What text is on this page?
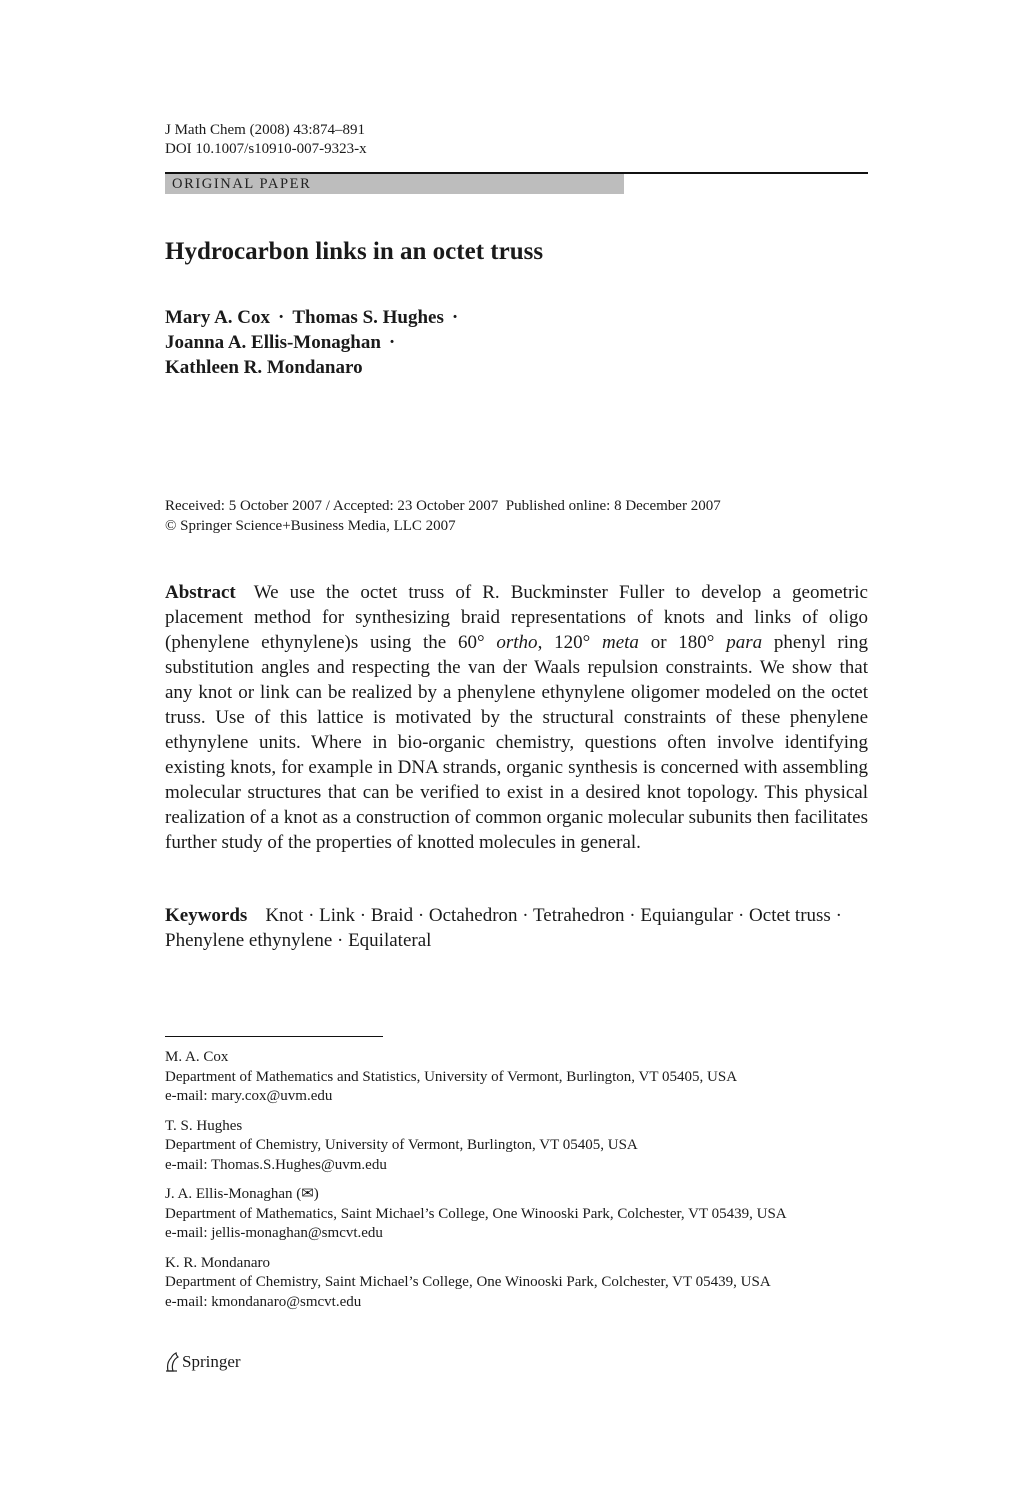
J Math Chem (2008) 43:874–891
DOI 10.1007/s10910-007-9323-x
ORIGINAL PAPER
Hydrocarbon links in an octet truss
Mary A. Cox · Thomas S. Hughes ·
Joanna A. Ellis-Monaghan ·
Kathleen R. Mondanaro
Received: 5 October 2007 / Accepted: 23 October 2007  Published online: 8 December 2007
© Springer Science+Business Media, LLC 2007
Abstract We use the octet truss of R. Buckminster Fuller to develop a geometric placement method for synthesizing braid representations of knots and links of oligo (phenylene ethynylene)s using the 60° ortho, 120° meta or 180° para phenyl ring substitution angles and respecting the van der Waals repulsion constraints. We show that any knot or link can be realized by a phenylene ethynylene oligomer modeled on the octet truss. Use of this lattice is motivated by the structural constraints of these phenylene ethynylene units. Where in bio-organic chemistry, questions often involve identifying existing knots, for example in DNA strands, organic synthesis is concerned with assembling molecular structures that can be verified to exist in a desired knot topology. This physical realization of a knot as a construction of common organic molecular subunits then facilitates further study of the properties of knotted molecules in general.
Keywords Knot · Link · Braid · Octahedron · Tetrahedron · Equiangular · Octet truss · Phenylene ethynylene · Equilateral
M. A. Cox
Department of Mathematics and Statistics, University of Vermont, Burlington, VT 05405, USA
e-mail: mary.cox@uvm.edu
T. S. Hughes
Department of Chemistry, University of Vermont, Burlington, VT 05405, USA
e-mail: Thomas.S.Hughes@uvm.edu
J. A. Ellis-Monaghan (✉)
Department of Mathematics, Saint Michael’s College, One Winooski Park, Colchester, VT 05439, USA
e-mail: jellis-monaghan@smcvt.edu
K. R. Mondanaro
Department of Chemistry, Saint Michael’s College, One Winooski Park, Colchester, VT 05439, USA
e-mail: kmondanaro@smcvt.edu
Springer
